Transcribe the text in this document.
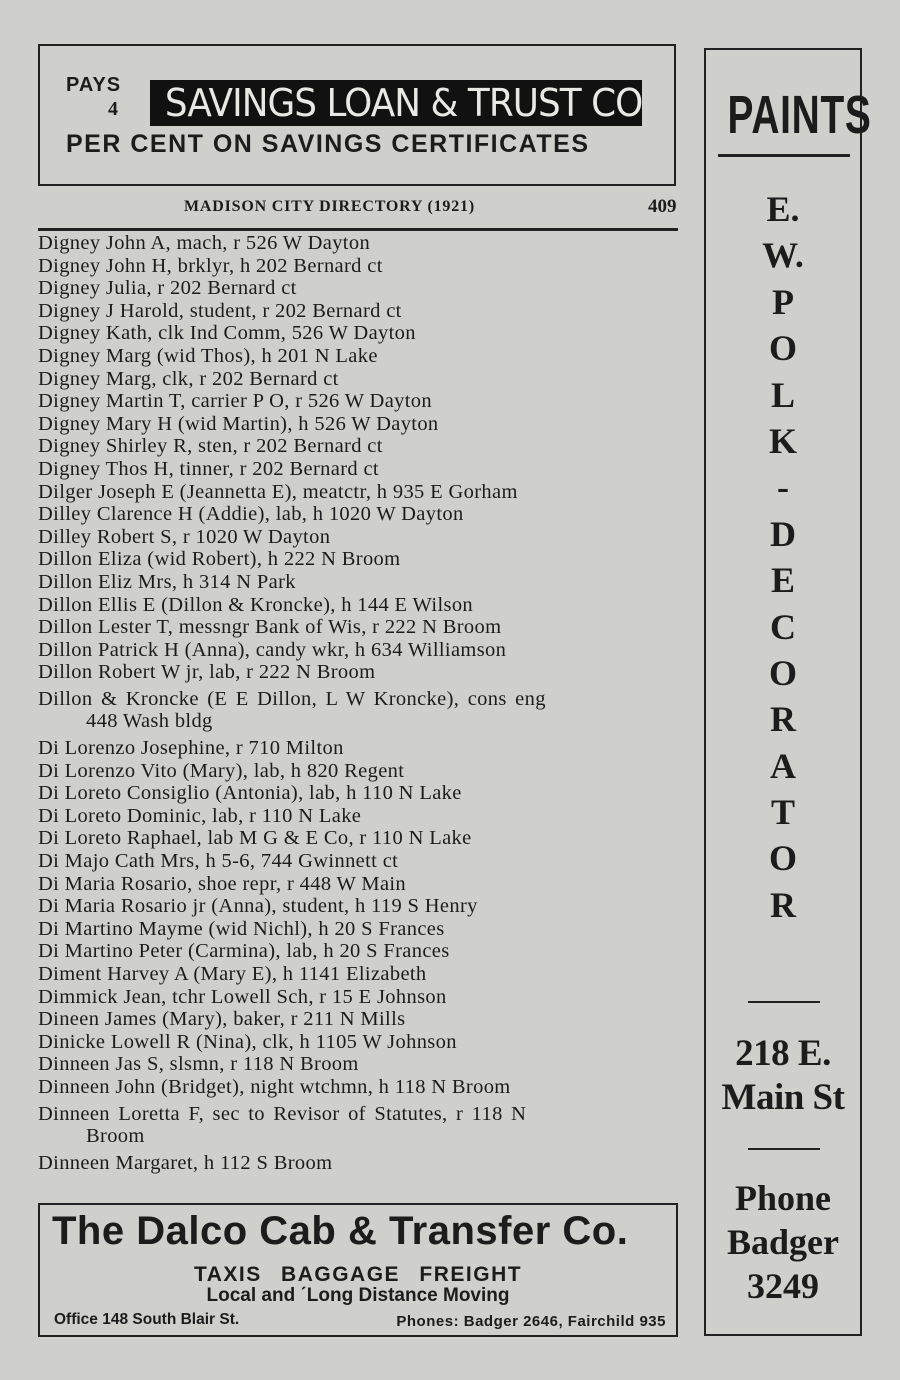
PAYS
4	SAVINGS LOAN & TRUST CO
PER CENT ON SAVINGS CERTIFICATES
MADISON CITY DIRECTORY (1921)	409
Digney John A, mach, r 526 W Dayton
Digney John H, brklyr, h 202 Bernard ct
Digney Julia, r 202 Bernard ct
Digney J Harold, student, r 202 Bernard ct
Digney Kath, clk Ind Comm, 526 W Dayton
Digney Marg (wid Thos), h 201 N Lake
Digney Marg, clk, r 202 Bernard ct
Digney Martin T, carrier P O, r 526 W Dayton
Digney Mary H (wid Martin), h 526 W Dayton
Digney Shirley R, sten, r 202 Bernard ct
Digney Thos H, tinner, r 202 Bernard ct
Dilger Joseph E (Jeannetta E), meatctr, h 935 E Gorham
Dilley Clarence H (Addie), lab, h 1020 W Dayton
Dilley Robert S, r 1020 W Dayton
Dillon Eliza (wid Robert), h 222 N Broom
Dillon Eliz Mrs, h 314 N Park
Dillon Ellis E (Dillon & Kroncke), h 144 E Wilson
Dillon Lester T, messngr Bank of Wis, r 222 N Broom
Dillon Patrick H (Anna), candy wkr, h 634 Williamson
Dillon Robert W jr, lab, r 222 N Broom
Dillon & Kroncke (E E Dillon, L W Kroncke), cons eng
448 Wash bldg
Di Lorenzo Josephine, r 710 Milton
Di Lorenzo Vito (Mary), lab, h 820 Regent
Di Loreto Consiglio (Antonia), lab, h 110 N Lake
Di Loreto Dominic, lab, r 110 N Lake
Di Loreto Raphael, lab M G & E Co, r 110 N Lake
Di Majo Cath Mrs, h 5-6, 744 Gwinnett ct
Di Maria Rosario, shoe repr, r 448 W Main
Di Maria Rosario jr (Anna), student, h 119 S Henry
Di Martino Mayme (wid Nichl), h 20 S Frances
Di Martino Peter (Carmina), lab, h 20 S Frances
Diment Harvey A (Mary E), h 1141 Elizabeth
Dimmick Jean, tchr Lowell Sch, r 15 E Johnson
Dineen James (Mary), baker, r 211 N Mills
Dinicke Lowell R (Nina), clk, h 1105 W Johnson
Dinneen Jas S, slsmn, r 118 N Broom
Dinneen John (Bridget), night wtchmn, h 118 N Broom
Dinneen Loretta F, sec to Revisor of Statutes, r 118 N
Broom
Dinneen Margaret, h 112 S Broom
The Dalco Cab & Transfer Co.
TAXIS BAGGAGE FREIGHT
Local and ˊLong Distance Moving
Office 148 South Blair St.	Phones: Badger 2646, Fairchild 935
PAINTS
E.
W.
P
O
L
K
-
D
E
C
O
R
A
T
O
R
218 E.
Main St
Phone
Badger
3249
